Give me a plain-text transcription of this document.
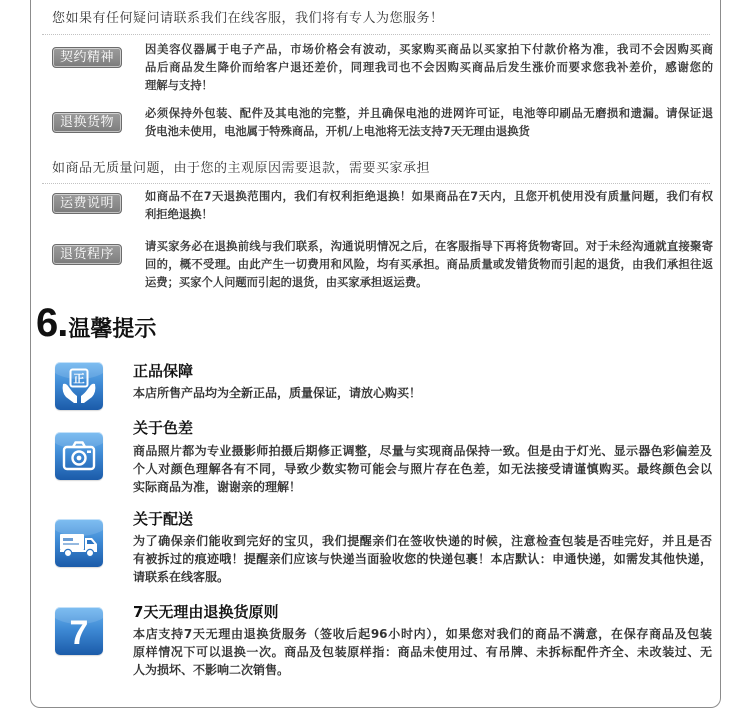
您如果有任何疑问请联系我们在线客服，我们将有专人为您服务！
契约精神
因美容仪器属于电子产品，市场价格会有波动，买家购买商品以买家拍下付款价格为准，我司不会因购买商
品后商品发生降价而给客户退还差价，同理我司也不会因购买商品后发生涨价而要求您我补差价，感谢您的
理解与支持！
退换货物
必须保持外包装、配件及其电池的完整，并且确保电池的进网许可证，电池等印刷品无磨损和遗漏。请保证退
货电池未使用，电池属于特殊商品，开机/上电池将无法支持7天无理由退换货
如商品无质量问题，由于您的主观原因需要退款，需要买家承担
运费说明	如商品不在7天退换范围内，我们有权利拒绝退换！如果商品在7天内，且您开机使用没有质量问题，我们有权
利拒绝退换！
退货程序
请买家务必在退换前线与我们联系，沟通说明情况之后，在客服指导下再将货物寄回。对于未经沟通就直接聚寄
回的，概不受理。由此产生一切费用和风险，均有买承担。商品质量或发错货物而引起的退货，由我们承担往返
运费；买家个人问题而引起的退货，由买家承担返运费。
6. 温馨提示
正	正品保障
本店所售产品均为全新正品，质量保证，请放心购买！
关于色差
商品照片都为专业摄影师拍摄后期修正调整，尽量与实现商品保持一致。但是由于灯光、显示器色彩偏差及
个人对颜色理解各有不同，导致少数实物可能会与照片存在色差，如无法接受请谨慎购买。最终颜色会以
实际商品为准，谢谢亲的理解！
关于配送
为了确保亲们能收到完好的宝贝，我们提醒亲们在签收快递的时候，注意检查包装是否哇完好，并且是否
有被拆过的痕迹哦！提醒亲们应该与快递当面验收您的快递包裹！本店默认：申通快递，如需发其他快递，
请联系在线客服。
7
7天无理由退换货原则
本店支持7天无理由退换货服务（签收后起96小时内），如果您对我们的商品不满意，在保存商品及包装
原样情况下可以退换一次。商品及包装原样指：商品未使用过、有吊牌、未拆标配件齐全、未改装过、无
人为损坏、不影响二次销售。
